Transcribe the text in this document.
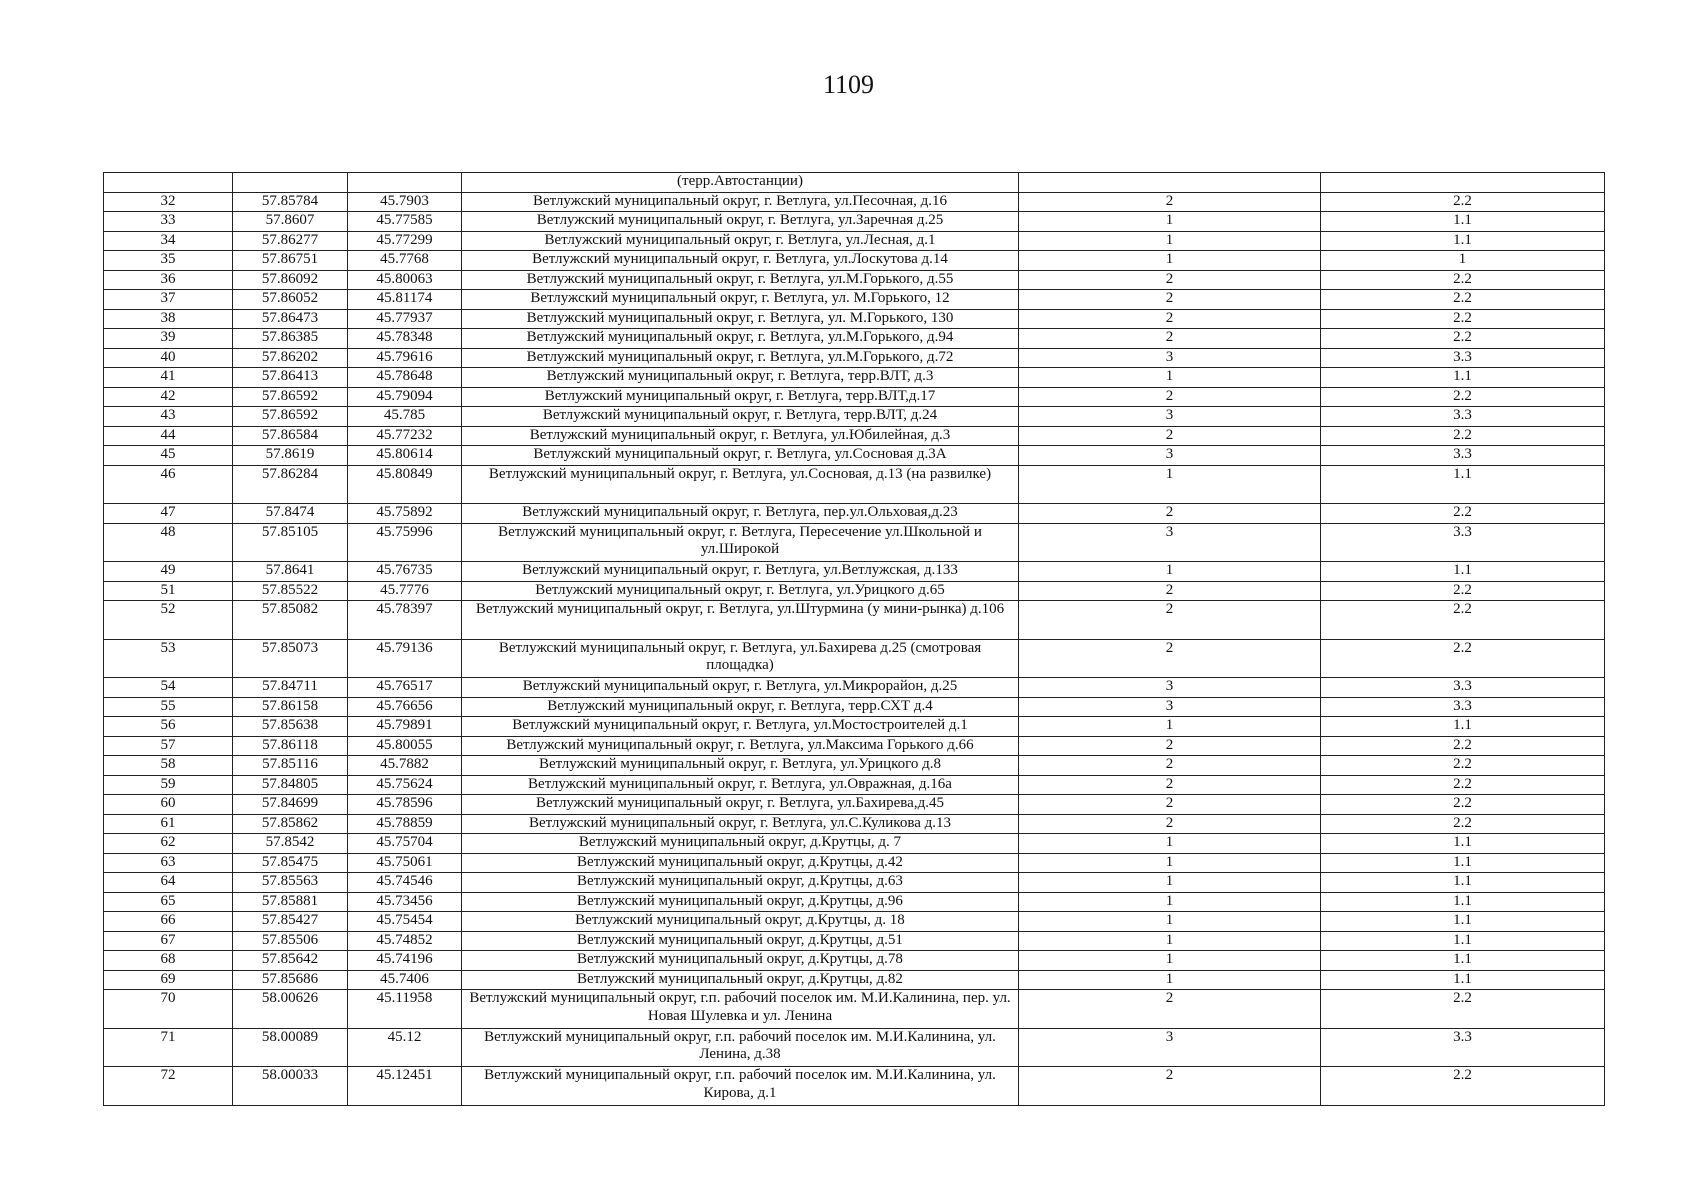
1109
			(терр.Автостанции)		
32	57.85784	45.7903	Ветлужский муниципальный округ, г. Ветлуга, ул.Песочная, д.16	2	2.2
33	57.8607	45.77585	Ветлужский муниципальный округ, г. Ветлуга, ул.Заречная д.25	1	1.1
34	57.86277	45.77299	Ветлужский муниципальный округ, г. Ветлуга, ул.Лесная, д.1	1	1.1
35	57.86751	45.7768	Ветлужский муниципальный округ, г. Ветлуга, ул.Лоскутова д.14	1	1
36	57.86092	45.80063	Ветлужский муниципальный округ, г. Ветлуга, ул.М.Горького, д.55	2	2.2
37	57.86052	45.81174	Ветлужский муниципальный округ, г. Ветлуга, ул. М.Горького, 12	2	2.2
38	57.86473	45.77937	Ветлужский муниципальный округ, г. Ветлуга, ул. М.Горького, 130	2	2.2
39	57.86385	45.78348	Ветлужский муниципальный округ, г. Ветлуга, ул.М.Горького, д.94	2	2.2
40	57.86202	45.79616	Ветлужский муниципальный округ, г. Ветлуга, ул.М.Горького, д.72	3	3.3
41	57.86413	45.78648	Ветлужский муниципальный округ, г. Ветлуга, терр.ВЛТ, д.3	1	1.1
42	57.86592	45.79094	Ветлужский муниципальный округ, г. Ветлуга, терр.ВЛТ,д.17	2	2.2
43	57.86592	45.785	Ветлужский муниципальный округ, г. Ветлуга, терр.ВЛТ, д.24	3	3.3
44	57.86584	45.77232	Ветлужский муниципальный округ, г. Ветлуга, ул.Юбилейная, д.3	2	2.2
45	57.8619	45.80614	Ветлужский муниципальный округ, г. Ветлуга, ул.Сосновая д.3А	3	3.3
46	57.86284	45.80849	Ветлужский муниципальный округ, г. Ветлуга, ул.Сосновая, д.13 (на развилке)	1	1.1
47	57.8474	45.75892	Ветлужский муниципальный округ, г. Ветлуга, пер.ул.Ольховая,д.23	2	2.2
48	57.85105	45.75996	Ветлужский муниципальный округ, г. Ветлуга, Пересечение ул.Школьной и ул.Широкой	3	3.3
49	57.8641	45.76735	Ветлужский муниципальный округ, г. Ветлуга, ул.Ветлужская, д.133	1	1.1
51	57.85522	45.7776	Ветлужский муниципальный округ, г. Ветлуга, ул.Урицкого д.65	2	2.2
52	57.85082	45.78397	Ветлужский муниципальный округ, г. Ветлуга, ул.Штурмина (у мини-рынка) д.106	2	2.2
53	57.85073	45.79136	Ветлужский муниципальный округ, г. Ветлуга, ул.Бахирева д.25 (смотровая площадка)	2	2.2
54	57.84711	45.76517	Ветлужский муниципальный округ, г. Ветлуга, ул.Микрорайон, д.25	3	3.3
55	57.86158	45.76656	Ветлужский муниципальный округ, г. Ветлуга, терр.СХТ д.4	3	3.3
56	57.85638	45.79891	Ветлужский муниципальный округ, г. Ветлуга, ул.Мостостроителей д.1	1	1.1
57	57.86118	45.80055	Ветлужский муниципальный округ, г. Ветлуга, ул.Максима Горького д.66	2	2.2
58	57.85116	45.7882	Ветлужский муниципальный округ, г. Ветлуга, ул.Урицкого д.8	2	2.2
59	57.84805	45.75624	Ветлужский муниципальный округ, г. Ветлуга, ул.Овражная, д.16а	2	2.2
60	57.84699	45.78596	Ветлужский муниципальный округ, г. Ветлуга, ул.Бахирева,д.45	2	2.2
61	57.85862	45.78859	Ветлужский муниципальный округ, г. Ветлуга, ул.С.Куликова д.13	2	2.2
62	57.8542	45.75704	Ветлужский муниципальный округ, д.Крутцы, д. 7	1	1.1
63	57.85475	45.75061	Ветлужский муниципальный округ, д.Крутцы, д.42	1	1.1
64	57.85563	45.74546	Ветлужский муниципальный округ, д.Крутцы, д.63	1	1.1
65	57.85881	45.73456	Ветлужский муниципальный округ, д.Крутцы, д.96	1	1.1
66	57.85427	45.75454	Ветлужский муниципальный округ, д.Крутцы, д. 18	1	1.1
67	57.85506	45.74852	Ветлужский муниципальный округ, д.Крутцы, д.51	1	1.1
68	57.85642	45.74196	Ветлужский муниципальный округ, д.Крутцы, д.78	1	1.1
69	57.85686	45.7406	Ветлужский муниципальный округ, д.Крутцы, д.82	1	1.1
70	58.00626	45.11958	Ветлужский муниципальный округ, г.п. рабочий поселок им. М.И.Калинина, пер. ул. Новая Шулевка и ул. Ленина	2	2.2
71	58.00089	45.12	Ветлужский муниципальный округ, г.п. рабочий поселок им. М.И.Калинина, ул. Ленина, д.38	3	3.3
72	58.00033	45.12451	Ветлужский муниципальный округ, г.п. рабочий поселок им. М.И.Калинина, ул. Кирова, д.1	2	2.2
